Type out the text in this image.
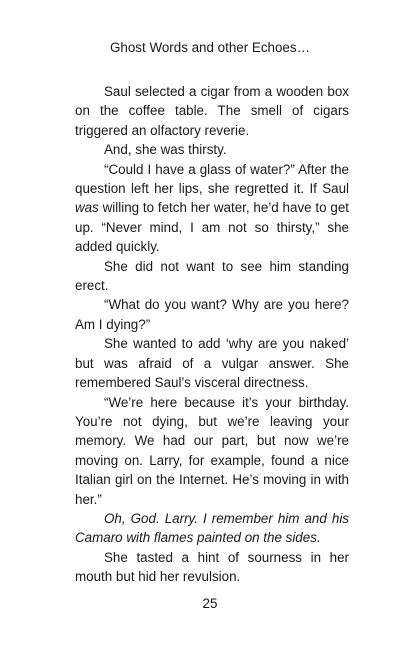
Ghost Words and other Echoes…

Saul selected a cigar from a wooden box on the coffee table. The smell of cigars triggered an olfactory reverie.

And, she was thirsty.

“Could I have a glass of water?” After the question left her lips, she regretted it. If Saul was willing to fetch her water, he’d have to get up. “Never mind, I am not so thirsty,” she added quickly.

She did not want to see him standing erect.

“What do you want? Why are you here? Am I dying?”

She wanted to add ‘why are you naked’ but was afraid of a vulgar answer. She remembered Saul’s visceral directness.

“We’re here because it’s your birthday. You’re not dying, but we’re leaving your memory. We had our part, but now we’re moving on. Larry, for example, found a nice Italian girl on the Internet. He’s moving in with her.”

Oh, God. Larry. I remember him and his Camaro with flames painted on the sides.

She tasted a hint of sourness in her mouth but hid her revulsion.

25
